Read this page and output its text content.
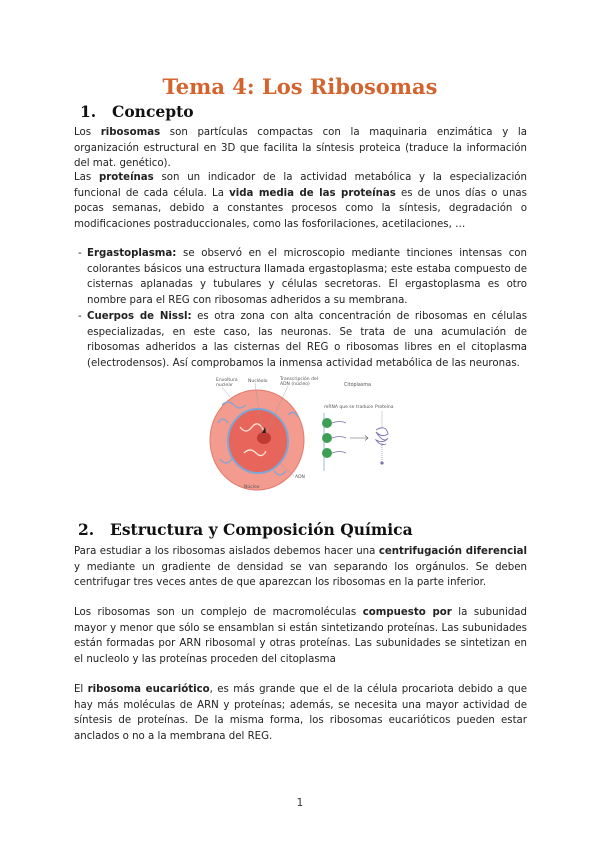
Tema 4: Los Ribosomas
1. Concepto

Los ribosomas son partículas compactas con la maquinaria enzimática y la organización estructural en 3D que facilita la síntesis proteica (traduce la información del mat. genético).

Las proteínas son un indicador de la actividad metabólica y la especialización funcional de cada célula. La vida media de las proteínas es de unos días o unas pocas semanas, debido a constantes procesos como la síntesis, degradación o modificaciones postraduccionales, como las fosforilaciones, acetilaciones, …

- Ergastoplasma: se observó en el microscopio mediante tinciones intensas con colorantes básicos una estructura llamada ergastoplasma; este estaba compuesto de cisternas aplanadas y tubulares y células secretoras. El ergastoplasma es otro nombre para el REG con ribosomas adheridos a su membrana.
- Cuerpos de Nissl: es otra zona con alta concentración de ribosomas en células especializadas, en este caso, las neuronas. Se trata de una acumulación de ribosomas adheridos a las cisternas del REG o ribosomas libres en el citoplasma (electrodensos). Así comprobamos la inmensa actividad metabólica de las neuronas.
Envoltura
nuclear
Nucléolo	Transcripción del
ADN (núcleo)	Citoplasma
mRNA que se traduce Proteína
ADN
Núcleo
2. Estructura y Composición Química

Para estudiar a los ribosomas aislados debemos hacer una centrifugación diferencial y mediante un gradiente de densidad se van separando los orgánulos. Se deben centrifugar tres veces antes de que aparezcan los ribosomas en la parte inferior.

Los ribosomas son un complejo de macromoléculas compuesto por la subunidad mayor y menor que sólo se ensamblan si están sintetizando proteínas. Las subunidades están formadas por ARN ribosomal y otras proteínas. Las subunidades se sintetizan en el nucleolo y las proteínas proceden del citoplasma

El ribosoma eucariótico, es más grande que el de la célula procariota debido a que hay más moléculas de ARN y proteínas; además, se necesita una mayor actividad de síntesis de proteínas. De la misma forma, los ribosomas eucarióticos pueden estar anclados o no a la membrana del REG.

1
